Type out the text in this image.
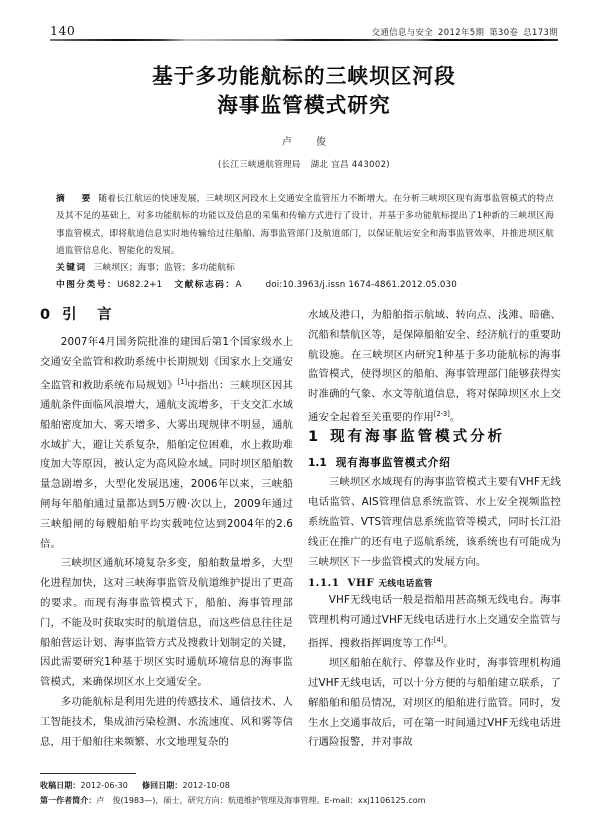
140	交通信息与安全 2012年5期 第30卷 总173期
基于多功能航标的三峡坝区河段
海事监管模式研究
卢　俊
(长江三峡通航管理局 湖北 宜昌 443002)
摘　要 随着长江航运的快速发展，三峡坝区河段水上交通安全监管压力不断增大。在分析三峡坝区现有海事监管模式的特点及其不足的基础上，对多功能航标的功能以及信息的采集和传输方式进行了设计，并基于多功能航标提出了1种新的三峡坝区海事监管模式，即将航道信息实时地传输给过往船舶、海事监管部门及航道部门，以保证航运安全和海事监管效率，并推进坝区航道监管信息化、智能化的发展。
关键词 三峡坝区；海事；监管；多功能航标
中图分类号：U682.2+1 文献标志码：A	doi:10.3963/j.issn 1674-4861.2012.05.030
0 引　言

2007年4月国务院批准的建国后第1个国家级水上交通安全监管和救助系统中长期规划《国家水上交通安全监管和救助系统布局规划》[1]中指出：三峡坝区因其通航条件面临风浪增大，通航支流增多，干支交汇水域船舶密度加大、雾天增多、大雾出现规律不明显，通航水域扩大，避让关系复杂，船舶定位困难，水上救助难度加大等原因，被认定为高风险水域。同时坝区船舶数量急剧增多，大型化发展迅速，2006年以来，三峡船闸每年船舶通过量都达到5万艘·次以上，2009年通过三峡船闸的每艘船舶平均实载吨位达到2004年的2.6倍。

三峡坝区通航环境复杂多变，船舶数量增多，大型化进程加快，这对三峡海事监管及航道维护提出了更高的要求。而现有海事监管模式下，船舶、海事管理部门，不能及时获取实时的航道信息，而这些信息往往是船舶营运计划、海事监管方式及搜救计划制定的关键，因此需要研究1种基于坝区实时通航环境信息的海事监管模式，来确保坝区水上交通安全。

多功能航标是利用先进的传感技术、通信技术、人工智能技术，集成油污染检测、水流速度、风和雾等信息，用于船舶往来频繁、水文地理复杂的

水域及港口，为船舶指示航域、转向点、浅滩、暗礁、沉船和禁航区等，是保障船舶安全、经济航行的重要助航设施。在三峡坝区内研究1种基于多功能航标的海事监管模式，使得坝区的船舶、海事管理部门能够获得实时准确的气象、水文等航道信息，将对保障坝区水上交通安全起着至关重要的作用[2-3]。

1 现有海事监管模式分析
1.1 现有海事监管模式介绍

三峡坝区水域现有的海事监管模式主要有VHF无线电话监管、AIS管理信息系统监管、水上安全视频监控系统监管、VTS管理信息系统监管等模式，同时长江沿线正在推广的还有电子巡航系统，该系统也有可能成为三峡坝区下一步监管模式的发展方向。

1.1.1 VHF 无线电话监管

VHF无线电话一般是指船用甚高频无线电台。海事管理机构可通过VHF无线电话进行水上交通安全监管与指挥、搜救指挥调度等工作[4]。

坝区船舶在航行、停靠及作业时，海事管理机构通过VHF无线电话，可以十分方便的与船舶建立联系，了解船舶和船员情况，对坝区的船舶进行监管。同时，发生水上交通事故后，可在第一时间通过VHF无线电话进行遇险报警，并对事故

收稿日期：2012-06-30 修回日期：2012-10-08
第一作者简介：卢　俊(1983—)，硕士，研究方向：航道维护管理及海事管理。E-mail：xxj1106125.com
